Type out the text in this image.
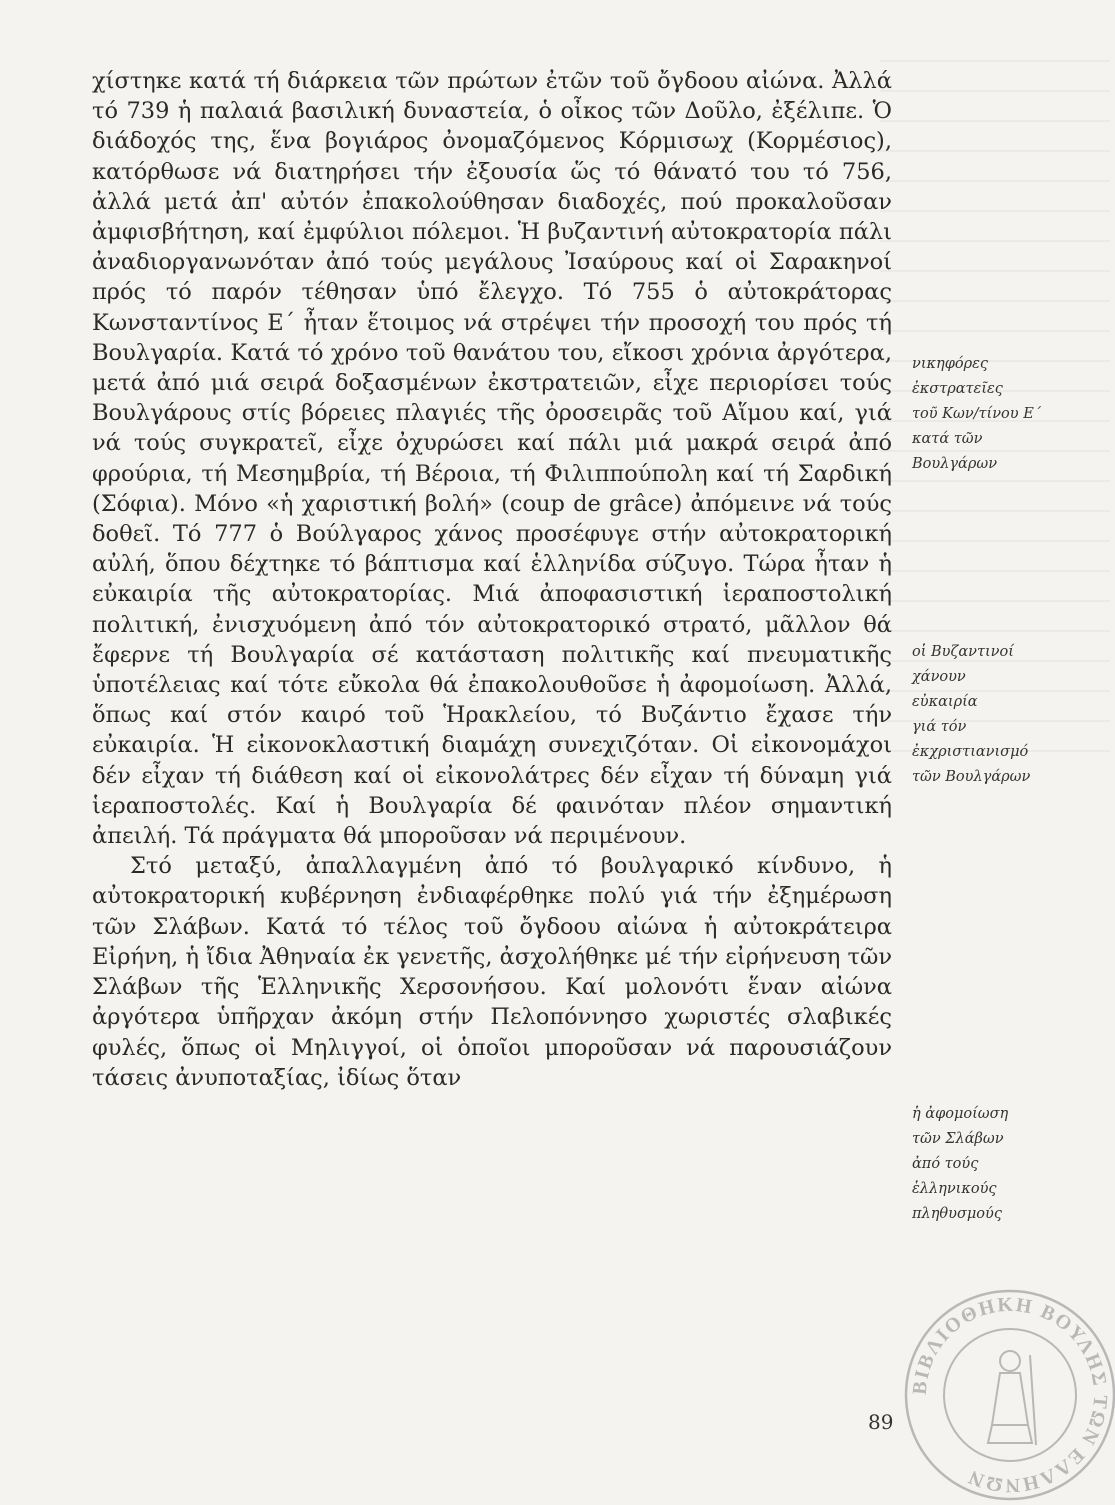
χίστηκε κατά τή διάρκεια τῶν πρώτων ἐτῶν τοῦ ὄγδοου αἰώνα. Ἀλλά τό 739 ἡ παλαιά βασιλική δυναστεία, ὁ οἶκος τῶν Δοῦλο, ἐξέλιπε. Ὁ διάδοχός της, ἕνα βογιάρος ὀνομαζόμενος Κόρμισωχ (Κορμέσιος), κατόρθωσε νά διατηρήσει τήν ἐξουσία ὥς τό θάνατό του τό 756, ἀλλά μετά ἀπ' αὐτόν ἐπακολούθησαν διαδοχές, πού προκαλοῦσαν ἀμφισβήτηση, καί ἐμφύλιοι πόλεμοι. Ἡ βυζαντινή αὐτοκρατορία πάλι ἀναδιοργανωνόταν ἀπό τούς μεγάλους Ἰσαύρους καί οἱ Σαρακηνοί πρός τό παρόν τέθησαν ὑπό ἔλεγχο. Τό 755 ὁ αὐτοκράτορας Κωνσταντίνος Ε΄ ἦταν ἕτοιμος νά στρέψει τήν προσοχή του πρός τή Βουλγαρία. Κατά τό χρόνο τοῦ θανάτου του, εἴκοσι χρόνια ἀργότερα, μετά ἀπό μιά σειρά δοξασμένων ἐκστρατειῶν, εἶχε περιορίσει τούς Βουλγάρους στίς βόρειες πλαγιές τῆς ὀροσειρᾶς τοῦ Αἵμου καί, γιά νά τούς συγκρατεῖ, εἶχε ὀχυρώσει καί πάλι μιά μακρά σειρά ἀπό φρούρια, τή Μεσημβρία, τή Βέροια, τή Φιλιππούπολη καί τή Σαρδική (Σόφια). Μόνο «ἡ χαριστική βολή» (coup de grâce) ἀπόμεινε νά τούς δοθεῖ. Τό 777 ὁ Βούλγαρος χάνος προσέφυγε στήν αὐτοκρατορική αὐλή, ὅπου δέχτηκε τό βάπτισμα καί ἑλληνίδα σύζυγο. Τώρα ἦταν ἡ εὐκαιρία τῆς αὐτοκρατορίας. Μιά ἀποφασιστική ἱεραποστολική πολιτική, ἐνισχυόμενη ἀπό τόν αὐτοκρατορικό στρατό, μᾶλλον θά ἔφερνε τή Βουλγαρία σέ κατάσταση πολιτικῆς καί πνευματικῆς ὑποτέλειας καί τότε εὔκολα θά ἐπακολουθοῦσε ἡ ἀφομοίωση. Ἀλλά, ὅπως καί στόν καιρό τοῦ Ἡρακλείου, τό Βυζάντιο ἔχασε τήν εὐκαιρία. Ἡ εἰκονοκλαστική διαμάχη συνεχιζόταν. Οἱ εἰκονομάχοι δέν εἶχαν τή διάθεση καί οἱ εἰκονολάτρες δέν εἶχαν τή δύναμη γιά ἱεραποστολές. Καί ἡ Βουλγαρία δέ φαινόταν πλέον σημαντική ἀπειλή. Τά πράγματα θά μποροῦσαν νά περιμένουν.

Στό μεταξύ, ἀπαλλαγμένη ἀπό τό βουλγαρικό κίνδυνο, ἡ αὐτοκρατορική κυβέρνηση ἐνδιαφέρθηκε πολύ γιά τήν ἐξημέρωση τῶν Σλάβων. Κατά τό τέλος τοῦ ὄγδοου αἰώνα ἡ αὐτοκράτειρα Εἰρήνη, ἡ ἴδια Ἀθηναία ἐκ γενετῆς, ἀσχολήθηκε μέ τήν εἰρήνευση τῶν Σλάβων τῆς Ἑλληνικῆς Χερσονήσου. Καί μολονότι ἕναν αἰώνα ἀργότερα ὑπῆρχαν ἀκόμη στήν Πελοπόννησο χωριστές σλαβικές φυλές, ὅπως οἱ Μηλιγγοί, οἱ ὁποῖοι μποροῦσαν νά παρουσιάζουν τάσεις ἀνυποταξίας, ἰδίως ὅταν

νικηφόρες
ἐκστρατεῖες
τοῦ Κων/τίνου Ε΄
κατά τῶν
Βουλγάρων
οἱ Βυζαντινοί
χάνουν
εὐκαιρία
γιά τόν
ἐκχριστιανισμό
τῶν Βουλγάρων
ἡ ἀφομοίωση
τῶν Σλάβων
ἀπό τούς
ἑλληνικούς
πληθυσμούς
89
ΒΙΒΛΙΟΘΗΚΗ ΒΟΥΛΗΣ ΤΩΝ ΕΛΛΗΝΩΝ
